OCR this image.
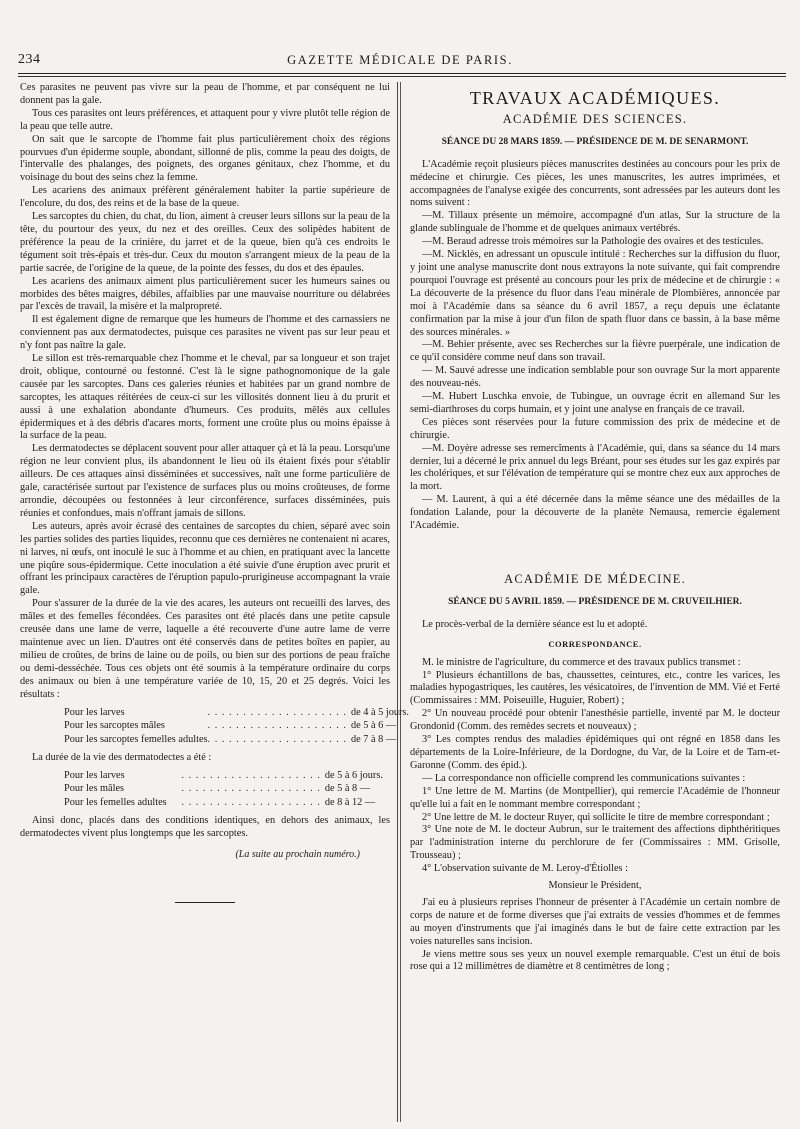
234	GAZETTE MÉDICALE DE PARIS.

Ces parasites ne peuvent pas vivre sur la peau de l'homme, et par conséquent ne lui donnent pas la gale.

Tous ces parasites ont leurs préférences, et attaquent pour y vivre plutôt telle région de la peau que telle autre.

On sait que le sarcopte de l'homme fait plus particulièrement choix des régions pourvues d'un épiderme souple, abondant, sillonné de plis, comme la peau des doigts, de l'intervalle des phalanges, des poignets, des organes génitaux, chez l'homme, et du voisinage du bout des seins chez la femme.

Les acariens des animaux préfèrent généralement habiter la partie supérieure de l'encolure, du dos, des reins et de la base de la queue.

Les sarcoptes du chien, du chat, du lion, aiment à creuser leurs sillons sur la peau de la tête, du pourtour des yeux, du nez et des oreilles. Ceux des solipèdes habitent de préférence la peau de la crinière, du jarret et de la queue, bien qu'à ces endroits le tégument soit très-épais et très-dur. Ceux du mouton s'arrangent mieux de la peau de la partie sacrée, de l'origine de la queue, de la pointe des fesses, du dos et des épaules.

Les acariens des animaux aiment plus particulièrement sucer les humeurs saines ou morbides des bêtes maigres, débiles, affaiblies par une mauvaise nourriture ou délabrées par l'excès de travail, la misère et la malpropreté.

Il est également digne de remarque que les humeurs de l'homme et des carnassiers ne conviennent pas aux dermatodectes, puisque ces parasites ne vivent pas sur leur peau et n'y font pas naître la gale.

Le sillon est très-remarquable chez l'homme et le cheval, par sa longueur et son trajet droit, oblique, contourné ou festonné. C'est là le signe pathognomonique de la gale causée par les sarcoptes. Dans ces galeries réunies et habitées par un grand nombre de sarcoptes, les attaques réitérées de ceux-ci sur les villosités donnent lieu à du prurit et aussi à une exhalation abondante d'humeurs. Ces produits, mêlés aux cellules épidermiques et à des débris d'acares morts, forment une croûte plus ou moins épaisse à la surface de la peau.

Les dermatodectes se déplacent souvent pour aller attaquer çà et là la peau. Lorsqu'une région ne leur convient plus, ils abandonnent le lieu où ils étaient fixés pour s'établir ailleurs. De ces attaques ainsi disséminées et successives, naît une forme particulière de gale, caractérisée surtout par l'existence de surfaces plus ou moins croûteuses, de forme arrondie, découpées ou festonnées à leur circonférence, surfaces disséminées, puis réunies et confondues, mais n'offrant jamais de sillons.

Les auteurs, après avoir écrasé des centaines de sarcoptes du chien, séparé avec soin les parties solides des parties liquides, reconnu que ces dernières ne contenaient ni acares, ni larves, ni œufs, ont inoculé le suc à l'homme et au chien, en pratiquant avec la lancette une piqûre sous-épidermique. Cette inoculation a été suivie d'une éruption avec prurit et offrant les principaux caractères de l'éruption papulo-prurigineuse accompagnant la vraie gale.

Pour s'assurer de la durée de la vie des acares, les auteurs ont recueilli des larves, des mâles et des femelles fécondées. Ces parasites ont été placés dans une petite capsule creusée dans une lame de verre, laquelle a été recouverte d'une autre lame de verre maintenue avec un lien. D'autres ont été conservés dans de petites boîtes en papier, au milieu de croûtes, de brins de laine ou de poils, ou bien sur des portions de peau fraîche ou demi-desséchée. Tous ces objets ont été soumis à la température ordinaire du corps des animaux ou bien à une température variée de 10, 15, 20 et 25 degrés. Voici les résultats :

Pour les larves	. . . . . . . . . . . . . . . . . . . .	de 4 à 5 jours.
Pour les sarcoptes mâles	. . . . . . . . . . . . . . . . . . . .	de 5 à 6 —
Pour les sarcoptes femelles adultes	. . . . . . . . . . . . . . . . . . . .	de 7 à 8 —

La durée de la vie des dermatodectes a été :

Pour les larves	. . . . . . . . . . . . . . . . . . . .	de 5 à 6 jours.
Pour les mâles	. . . . . . . . . . . . . . . . . . . .	de 5 à 8 —
Pour les femelles adultes	. . . . . . . . . . . . . . . . . . . .	de 8 à 12 —

Ainsi donc, placés dans des conditions identiques, en dehors des animaux, les dermatodectes vivent plus longtemps que les sarcoptes.

(La suite au prochain numéro.)
TRAVAUX ACADÉMIQUES.
ACADÉMIE DES SCIENCES.
SÉANCE DU 28 MARS 1859. — PRÉSIDENCE DE M. DE SENARMONT.

L'Académie reçoit plusieurs pièces manuscrites destinées au concours pour les prix de médecine et chirurgie. Ces pièces, les unes manuscrites, les autres imprimées, et accompagnées de l'analyse exigée des concurrents, sont adressées par les auteurs dont les noms suivent :

—M. Tillaux présente un mémoire, accompagné d'un atlas, Sur la structure de la glande sublinguale de l'homme et de quelques animaux vertébrés.

—M. Beraud adresse trois mémoires sur la Pathologie des ovaires et des testicules.

—M. Nicklès, en adressant un opuscule intitulé : Recherches sur la diffusion du fluor, y joint une analyse manuscrite dont nous extrayons la note suivante, qui fait comprendre pourquoi l'ouvrage est présenté au concours pour les prix de médecine et de chirurgie : « La découverte de la présence du fluor dans l'eau minérale de Plombières, annoncée par moi à l'Académie dans sa séance du 6 avril 1857, a reçu depuis une éclatante confirmation par la mise à jour d'un filon de spath fluor dans ce bassin, à la base même des sources minérales. »

—M. Behier présente, avec ses Recherches sur la fièvre puerpérale, une indication de ce qu'il considère comme neuf dans son travail.

— M. Sauvé adresse une indication semblable pour son ouvrage Sur la mort apparente des nouveau-nés.

—M. Hubert Luschka envoie, de Tubingue, un ouvrage écrit en allemand Sur les semi-diarthroses du corps humain, et y joint une analyse en français de ce travail.

Ces pièces sont réservées pour la future commission des prix de médecine et de chirurgie.

—M. Doyère adresse ses remercîments à l'Académie, qui, dans sa séance du 14 mars dernier, lui a décerné le prix annuel du legs Bréant, pour ses études sur les gaz expirés par les cholériques, et sur l'élévation de température qui se montre chez eux aux approches de la mort.

— M. Laurent, à qui a été décernée dans la même séance une des médailles de la fondation Lalande, pour la découverte de la planète Nemausa, remercie également l'Académie.

ACADÉMIE DE MÉDECINE.
SÉANCE DU 5 AVRIL 1859. — PRÉSIDENCE DE M. CRUVEILHIER.

Le procès-verbal de la dernière séance est lu et adopté.

CORRESPONDANCE.

M. le ministre de l'agriculture, du commerce et des travaux publics transmet :

1° Plusieurs échantillons de bas, chaussettes, ceintures, etc., contre les varices, les maladies hypogastriques, les cautères, les vésicatoires, de l'invention de MM. Vié et Ferté (Commissaires : MM. Poiseuille, Huguier, Robert) ;

2° Un nouveau procédé pour obtenir l'anesthésie partielle, inventé par M. le docteur Grondonid (Comm. des remèdes secrets et nouveaux) ;

3° Les comptes rendus des maladies épidémiques qui ont régné en 1858 dans les départements de la Loire-Inférieure, de la Dordogne, du Var, de la Loire et de Tarn-et-Garonne (Comm. des épid.).

— La correspondance non officielle comprend les communications suivantes :

1° Une lettre de M. Martins (de Montpellier), qui remercie l'Académie de l'honneur qu'elle lui a fait en le nommant membre correspondant ;

2° Une lettre de M. le docteur Ruyer, qui sollicite le titre de membre correspondant ;

3° Une note de M. le docteur Aubrun, sur le traitement des affections diphthéritiques par l'administration interne du perchlorure de fer (Commissaires : MM. Grisolle, Trousseau) ;

4° L'observation suivante de M. Leroy-d'Étiolles :

Monsieur le Président,

J'ai eu à plusieurs reprises l'honneur de présenter à l'Académie un certain nombre de corps de nature et de forme diverses que j'ai extraits de vessies d'hommes et de femmes au moyen d'instruments que j'ai imaginés dans le but de faire cette extraction par les voies naturelles sans incision.

Je viens mettre sous ses yeux un nouvel exemple remarquable. C'est un étui de bois rose qui a 12 millimètres de diamètre et 8 centimètres de long ;
